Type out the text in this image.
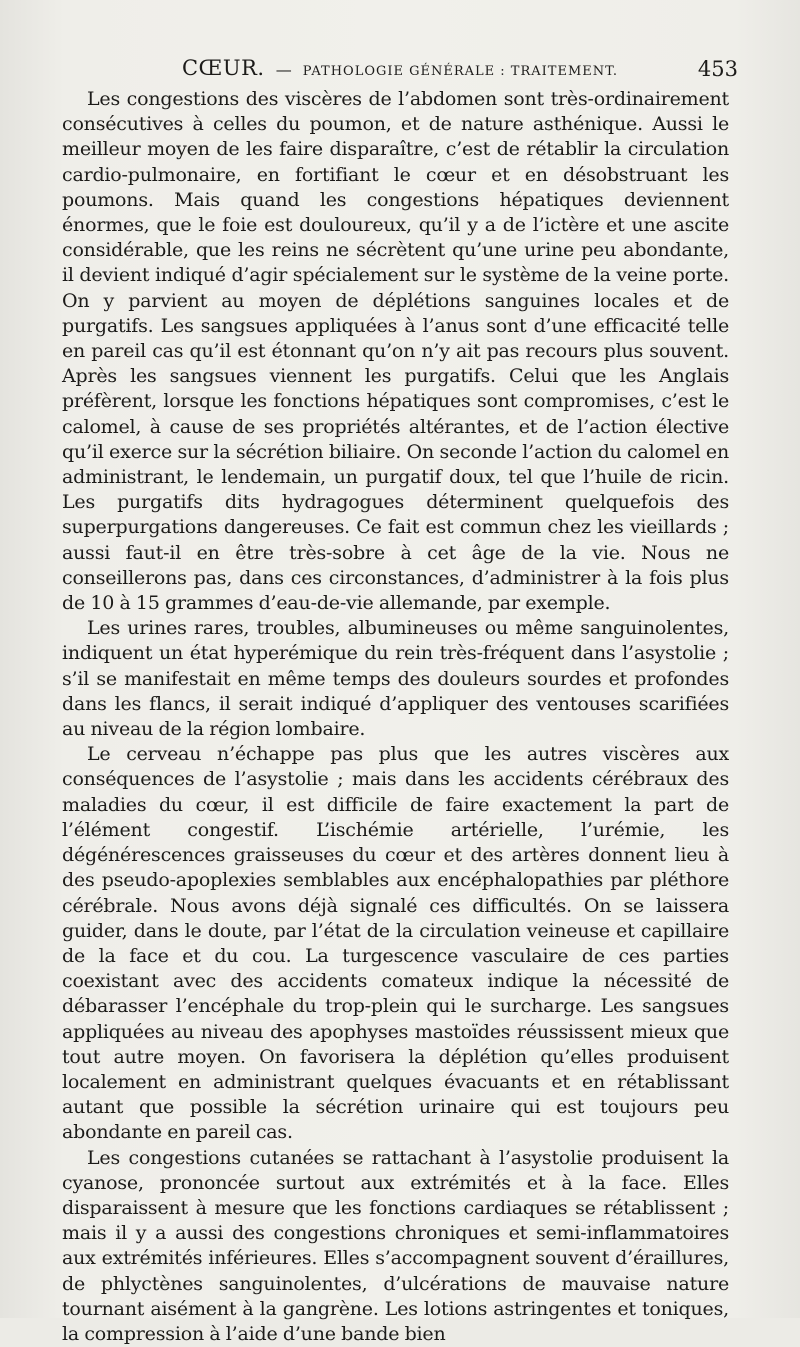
CŒUR. — PATHOLOGIE GÉNÉRALE : TRAITEMENT.	453

Les congestions des viscères de l’abdomen sont très-ordinairement consécutives à celles du poumon, et de nature asthénique. Aussi le meilleur moyen de les faire disparaître, c’est de rétablir la circulation cardio-pulmonaire, en fortifiant le cœur et en désobstruant les poumons. Mais quand les congestions hépatiques deviennent énormes, que le foie est douloureux, qu’il y a de l’ictère et une ascite considérable, que les reins ne sécrètent qu’une urine peu abondante, il devient indiqué d’agir spécialement sur le système de la veine porte. On y parvient au moyen de déplétions sanguines locales et de purgatifs. Les sangsues appliquées à l’anus sont d’une efficacité telle en pareil cas qu’il est étonnant qu’on n’y ait pas recours plus souvent. Après les sangsues viennent les purgatifs. Celui que les Anglais préfèrent, lorsque les fonctions hépatiques sont compromises, c’est le calomel, à cause de ses propriétés altérantes, et de l’action élective qu’il exerce sur la sécrétion biliaire. On seconde l’action du calomel en administrant, le lendemain, un purgatif doux, tel que l’huile de ricin. Les purgatifs dits hydragogues déterminent quelquefois des superpurgations dangereuses. Ce fait est commun chez les vieillards ; aussi faut-il en être très-sobre à cet âge de la vie. Nous ne conseillerons pas, dans ces circonstances, d’administrer à la fois plus de 10 à 15 grammes d’eau-de-vie allemande, par exemple.

Les urines rares, troubles, albumineuses ou même sanguinolentes, indiquent un état hyperémique du rein très-fréquent dans l’asystolie ; s’il se manifestait en même temps des douleurs sourdes et profondes dans les flancs, il serait indiqué d’appliquer des ventouses scarifiées au niveau de la région lombaire.

Le cerveau n’échappe pas plus que les autres viscères aux conséquences de l’asystolie ; mais dans les accidents cérébraux des maladies du cœur, il est difficile de faire exactement la part de l’élément congestif. L’ischémie artérielle, l’urémie, les dégénérescences graisseuses du cœur et des artères donnent lieu à des pseudo-apoplexies semblables aux encéphalopathies par pléthore cérébrale. Nous avons déjà signalé ces difficultés. On se laissera guider, dans le doute, par l’état de la circulation veineuse et capillaire de la face et du cou. La turgescence vasculaire de ces parties coexistant avec des accidents comateux indique la nécessité de débarasser l’encéphale du trop-plein qui le surcharge. Les sangsues appliquées au niveau des apophyses mastoïdes réussissent mieux que tout autre moyen. On favorisera la déplétion qu’elles produisent localement en administrant quelques évacuants et en rétablissant autant que possible la sécrétion urinaire qui est toujours peu abondante en pareil cas.

Les congestions cutanées se rattachant à l’asystolie produisent la cyanose, prononcée surtout aux extrémités et à la face. Elles disparaissent à mesure que les fonctions cardiaques se rétablissent ; mais il y a aussi des congestions chroniques et semi-inflammatoires aux extrémités inférieures. Elles s’accompagnent souvent d’éraillures, de phlyctènes sanguinolentes, d’ulcérations de mauvaise nature tournant aisément à la gangrène. Les lotions astringentes et toniques, la compression à l’aide d’une bande bien
